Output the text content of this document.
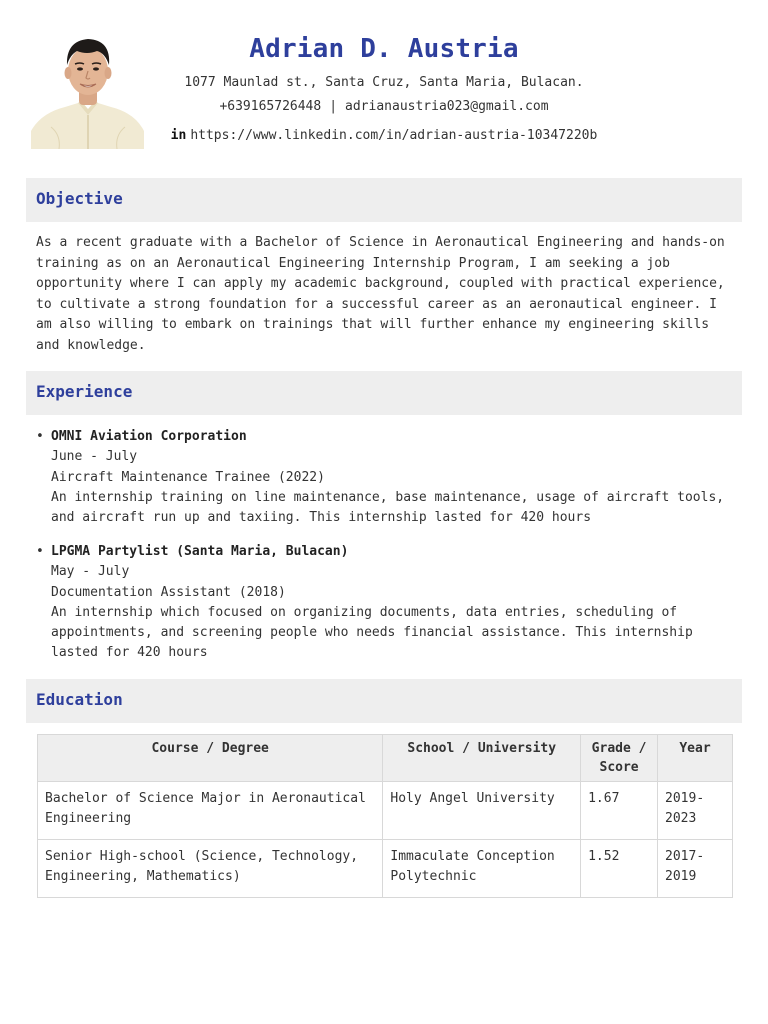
Adrian D. Austria
1077 Maunlad st., Santa Cruz, Santa Maria, Bulacan.
+639165726448 | adrianaustria023@gmail.com
in https://www.linkedin.com/in/adrian-austria-10347220b
Objective
As a recent graduate with a Bachelor of Science in Aeronautical Engineering and hands-on training as on an Aeronautical Engineering Internship Program, I am seeking a job opportunity where I can apply my academic background, coupled with practical experience, to cultivate a strong foundation for a successful career as an aeronautical engineer. I am also willing to embark on trainings that will further enhance my engineering skills and knowledge.
Experience
• OMNI Aviation Corporation
June - July
Aircraft Maintenance Trainee (2022)
An internship training on line maintenance, base maintenance, usage of aircraft tools, and aircraft run up and taxiing. This internship lasted for 420 hours
• LPGMA Partylist (Santa Maria, Bulacan)
May - July
Documentation Assistant (2018)
An internship which focused on organizing documents, data entries, scheduling of appointments, and screening people who needs financial assistance. This internship lasted for 420 hours
Education
Course / Degree	School / University	Grade / Score	Year
Bachelor of Science Major in Aeronautical Engineering	Holy Angel University	1.67	2019-2023
Senior High-school (Science, Technology, Engineering, Mathematics)	Immaculate Conception Polytechnic	1.52	2017-2019
